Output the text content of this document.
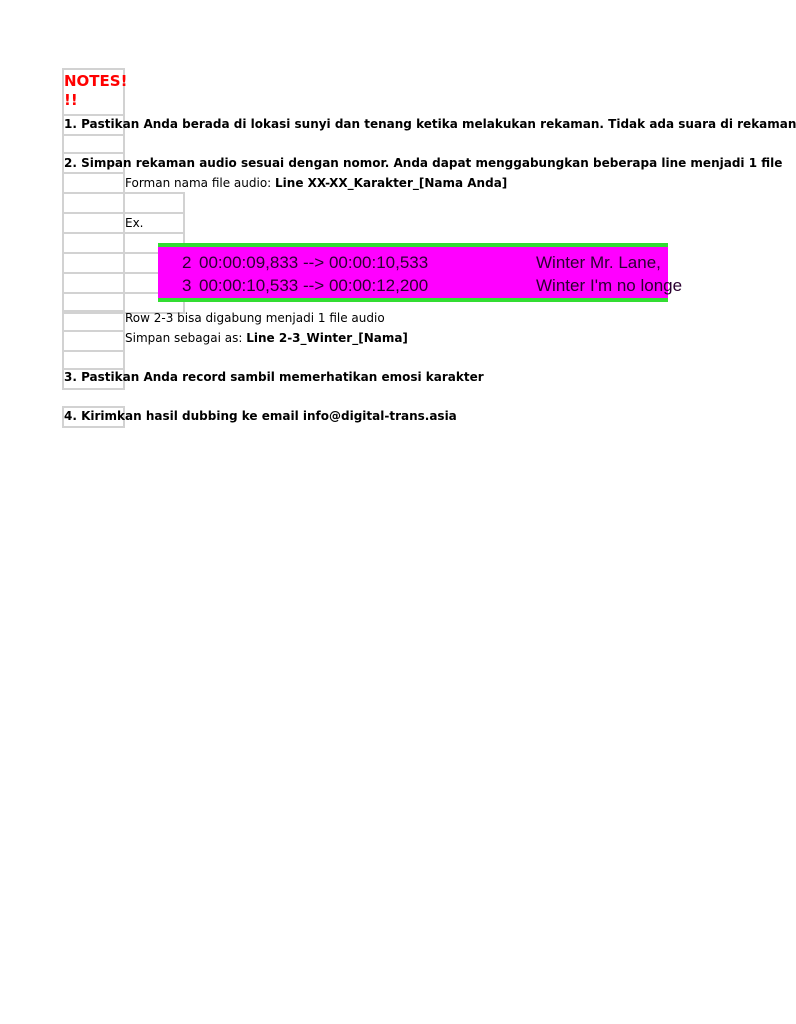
NOTES!
!!
1. Pastikan Anda berada di lokasi sunyi dan tenang ketika melakukan rekaman. Tidak ada suara di rekaman
2. Simpan rekaman audio sesuai dengan nomor. Anda dapat menggabungkan beberapa line menjadi 1 file
Forman nama file audio: Line XX-XX_Karakter_[Nama Anda]
Ex.
2 00:00:09,833 --> 00:00:10,533	Winter Mr. Lane,
3 00:00:10,533 --> 00:00:12,200	Winter I'm no longe
Row 2-3 bisa digabung menjadi 1 file audio
Simpan sebagai as: Line 2-3_Winter_[Nama]
3. Pastikan Anda record sambil memerhatikan emosi karakter
4. Kirimkan hasil dubbing ke email info@digital-trans.asia
